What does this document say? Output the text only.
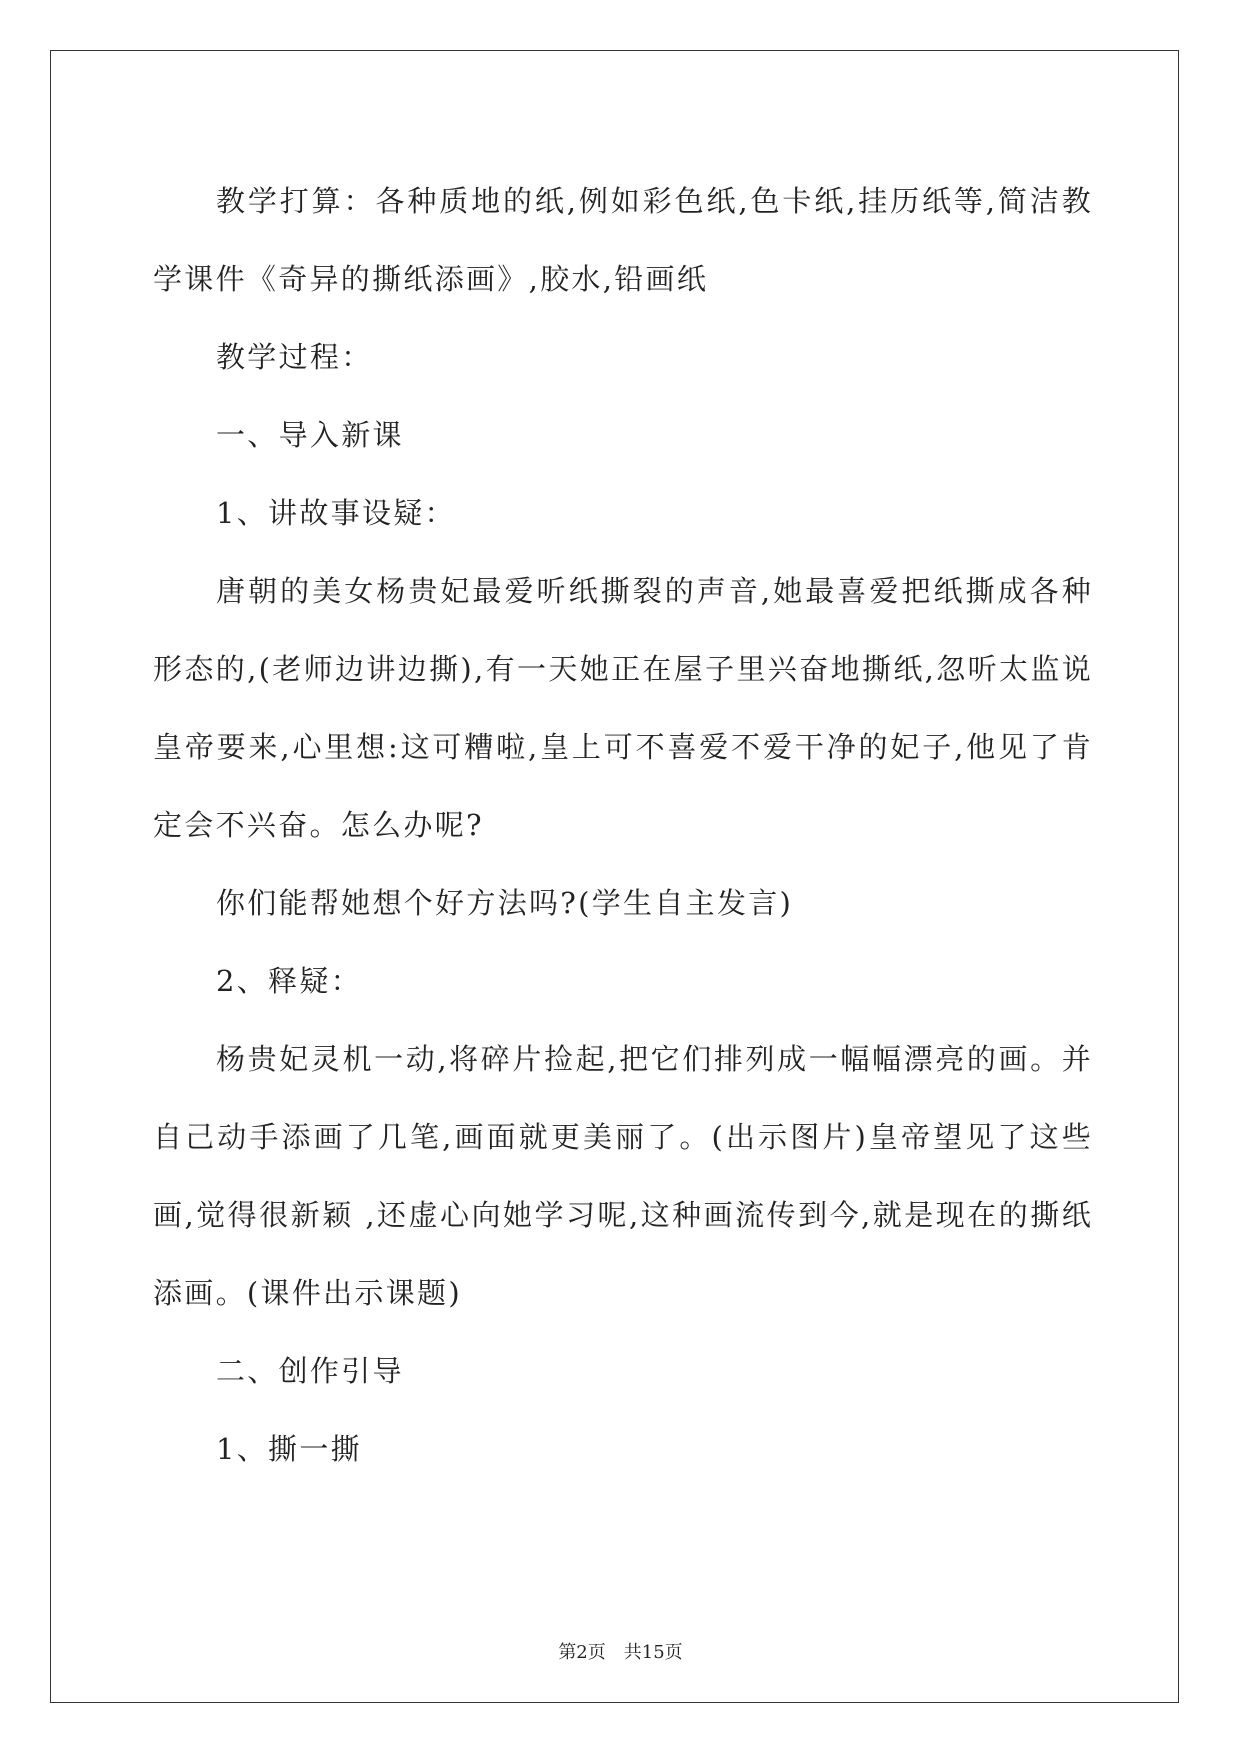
教学打算：各种质地的纸,例如彩色纸,色卡纸,挂历纸等,简洁教学课件《奇异的撕纸添画》,胶水,铅画纸

教学过程：

一、导入新课

1、讲故事设疑：

唐朝的美女杨贵妃最爱听纸撕裂的声音,她最喜爱把纸撕成各种形态的,(老师边讲边撕),有一天她正在屋子里兴奋地撕纸,忽听太监说皇帝要来,心里想:这可糟啦,皇上可不喜爱不爱干净的妃子,他见了肯定会不兴奋。怎么办呢?

你们能帮她想个好方法吗?(学生自主发言)

2、释疑：

杨贵妃灵机一动,将碎片捡起,把它们排列成一幅幅漂亮的画。并自己动手添画了几笔,画面就更美丽了。(出示图片)皇帝望见了这些画,觉得很新颖 ,还虚心向她学习呢,这种画流传到今,就是现在的撕纸添画。(课件出示课题)

二、创作引导

1、撕一撕

第2页 共15页
